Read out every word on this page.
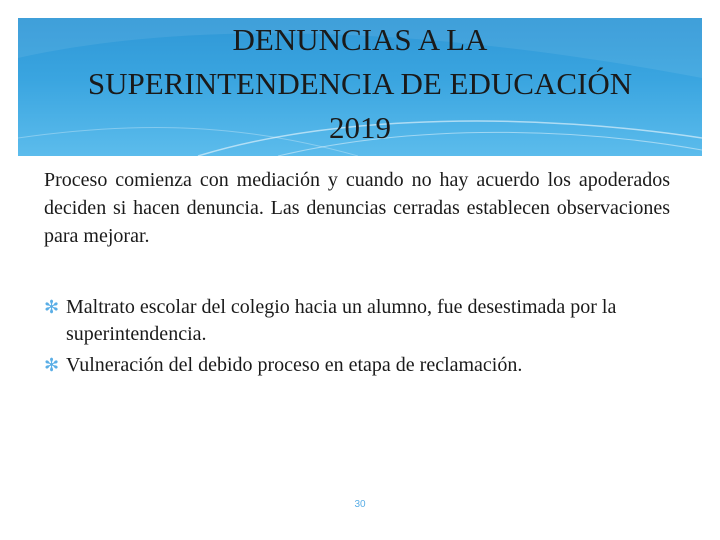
DENUNCIAS A LA
SUPERINTENDENCIA DE EDUCACIÓN
2019
Proceso comienza con mediación y cuando no hay acuerdo los apoderados deciden si hacen denuncia. Las denuncias cerradas establecen observaciones para mejorar.
✻ Maltrato escolar del colegio hacia un alumno, fue desestimada por la superintendencia.
✻ Vulneración del debido proceso en etapa de reclamación.
30
